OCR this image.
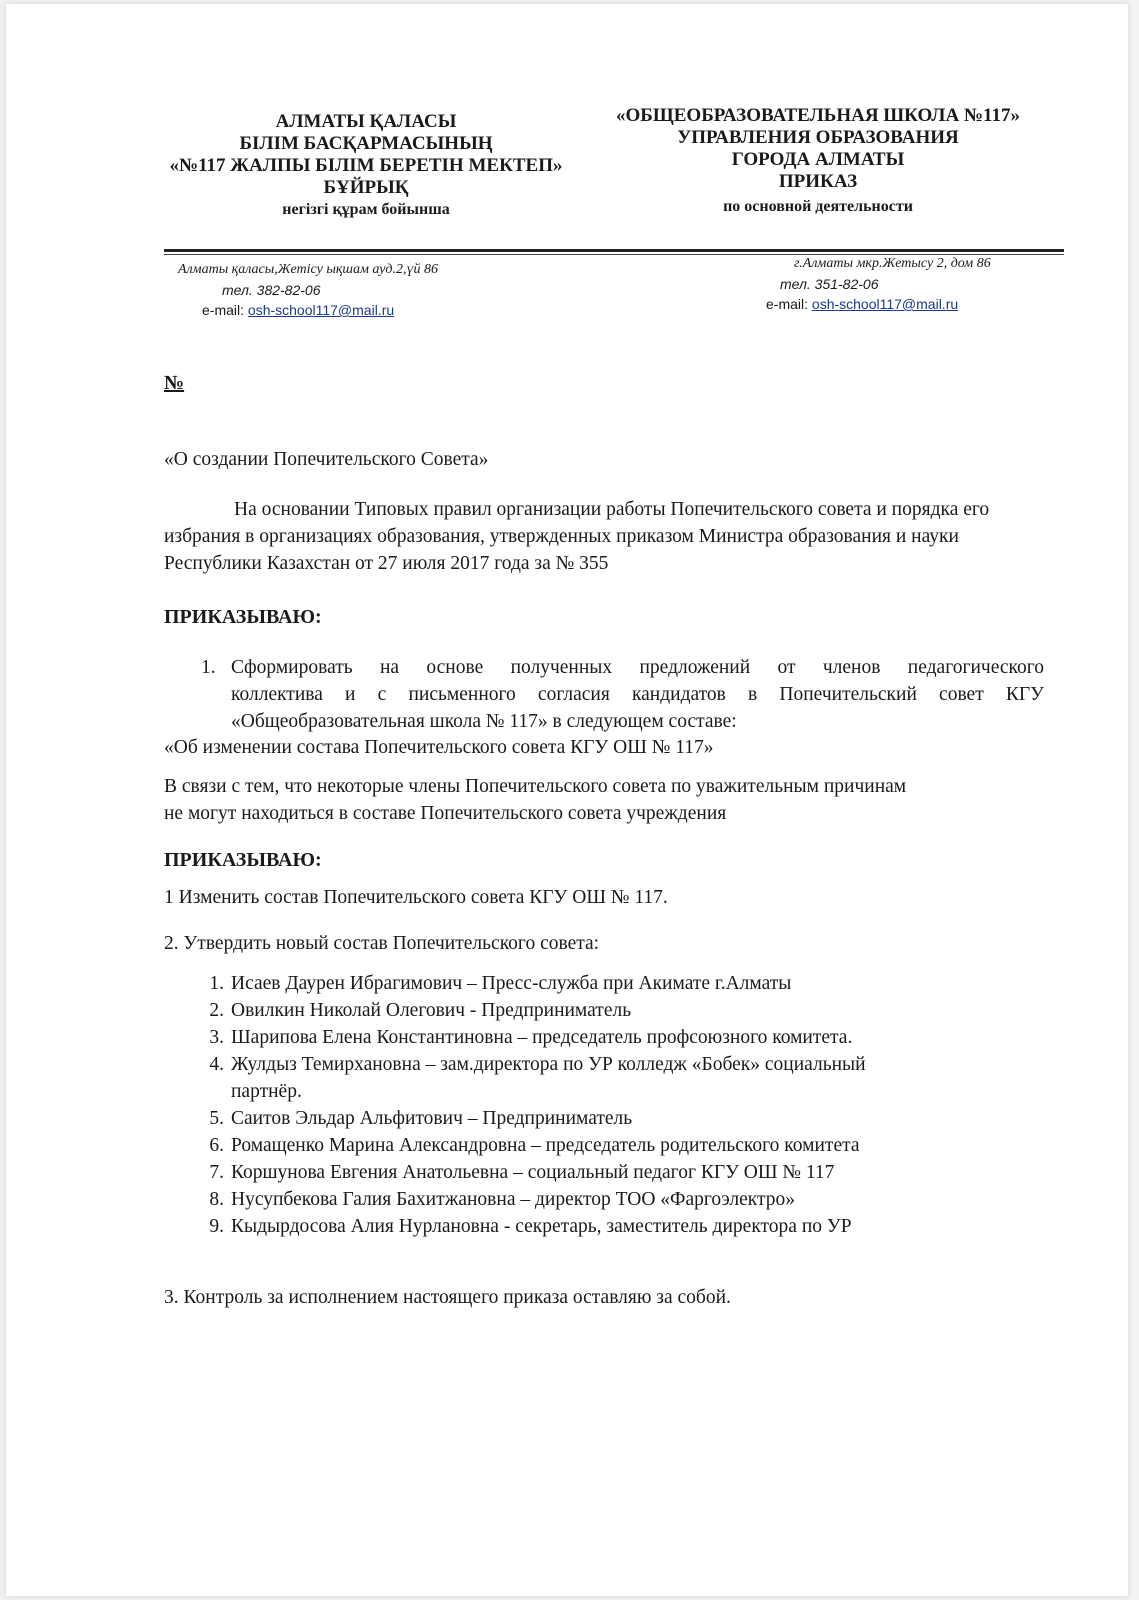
АЛМАТЫ ҚАЛАСЫ
БІЛІМ БАСҚАРМАСЫНЫҢ
«№117 ЖАЛПЫ БІЛІМ БЕРЕТІН МЕКТЕП»
БҰЙРЫҚ
негізгі құрам бойынша
«ОБЩЕОБРАЗОВАТЕЛЬНАЯ ШКОЛА №117»
УПРАВЛЕНИЯ ОБРАЗОВАНИЯ
ГОРОДА АЛМАТЫ
ПРИКАЗ
по основной деятельности
Алматы қаласы,Жетісу ықшам ауд.2,үй 86
тел. 382-82-06
e-mail: osh-school117@mail.ru
г.Алматы мкр.Жетысу 2, дом 86
тел. 351-82-06
e-mail: osh-school117@mail.ru
№
«О создании Попечительского Совета»
На основании Типовых правил организации работы Попечительского совета и порядка его избрания в организациях образования, утвержденных приказом Министра образования и науки Республики Казахстан от 27 июля 2017 года за № 355
ПРИКАЗЫВАЮ:
1. Сформировать на основе полученных предложений от членов педагогического
коллектива и с письменного согласия кандидатов в Попечительский совет КГУ
«Общеобразовательная школа № 117» в следующем составе:
«Об изменении состава Попечительского совета КГУ ОШ № 117»
В связи с тем, что некоторые члены Попечительского совета по уважительным причинам
не могут находиться в составе Попечительского совета учреждения
ПРИКАЗЫВАЮ:
1 Изменить состав Попечительского совета КГУ ОШ № 117.
2. Утвердить новый состав Попечительского совета:
1. Исаев Даурен Ибрагимович – Пресс-служба при Акимате г.Алматы
2. Овилкин Николай Олегович - Предприниматель
3. Шарипова Елена Константиновна – председатель профсоюзного комитета.
4. Жулдыз Темирхановна – зам.директора по УР колледж «Бобек» социальный
партнёр.
5. Саитов Эльдар Альфитович – Предприниматель
6. Ромащенко Марина Александровна – председатель родительского комитета
7. Коршунова Евгения Анатольевна – социальный педагог КГУ ОШ № 117
8. Нусупбекова Галия Бахитжановна – директор ТОО «Фаргоэлектро»
9. Кыдырдосова Алия Нурлановна - секретарь, заместитель директора по УР
3. Контроль за исполнением настоящего приказа оставляю за собой.
